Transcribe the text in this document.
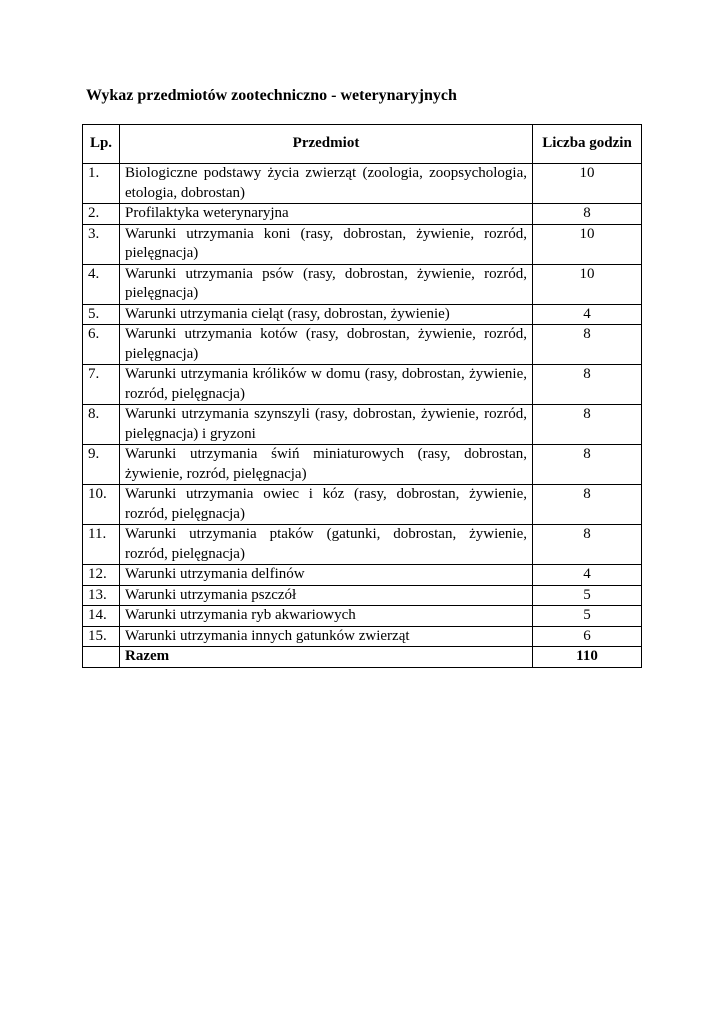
Wykaz przedmiotów zootechniczno - weterynaryjnych
Lp.	Przedmiot	Liczba godzin
1.	Biologiczne podstawy życia zwierząt (zoologia, zoopsychologia, etologia, dobrostan)	10
2.	Profilaktyka weterynaryjna	8
3.	Warunki utrzymania koni (rasy, dobrostan, żywienie, rozród, pielęgnacja)	10
4.	Warunki utrzymania psów (rasy, dobrostan, żywienie, rozród, pielęgnacja)	10
5.	Warunki utrzymania cieląt (rasy, dobrostan, żywienie)	4
6.	Warunki utrzymania kotów (rasy, dobrostan, żywienie, rozród, pielęgnacja)	8
7.	Warunki utrzymania królików w domu (rasy, dobrostan, żywienie, rozród, pielęgnacja)	8
8.	Warunki utrzymania szynszyli (rasy, dobrostan, żywienie, rozród, pielęgnacja) i gryzoni	8
9.	Warunki utrzymania świń miniaturowych (rasy, dobrostan, żywienie, rozród, pielęgnacja)	8
10.	Warunki utrzymania owiec i kóz (rasy, dobrostan, żywienie, rozród, pielęgnacja)	8
11.	Warunki utrzymania ptaków (gatunki, dobrostan, żywienie, rozród, pielęgnacja)	8
12.	Warunki utrzymania delfinów	4
13.	Warunki utrzymania pszczół	5
14.	Warunki utrzymania ryb akwariowych	5
15.	Warunki utrzymania innych gatunków zwierząt	6
	Razem	110
